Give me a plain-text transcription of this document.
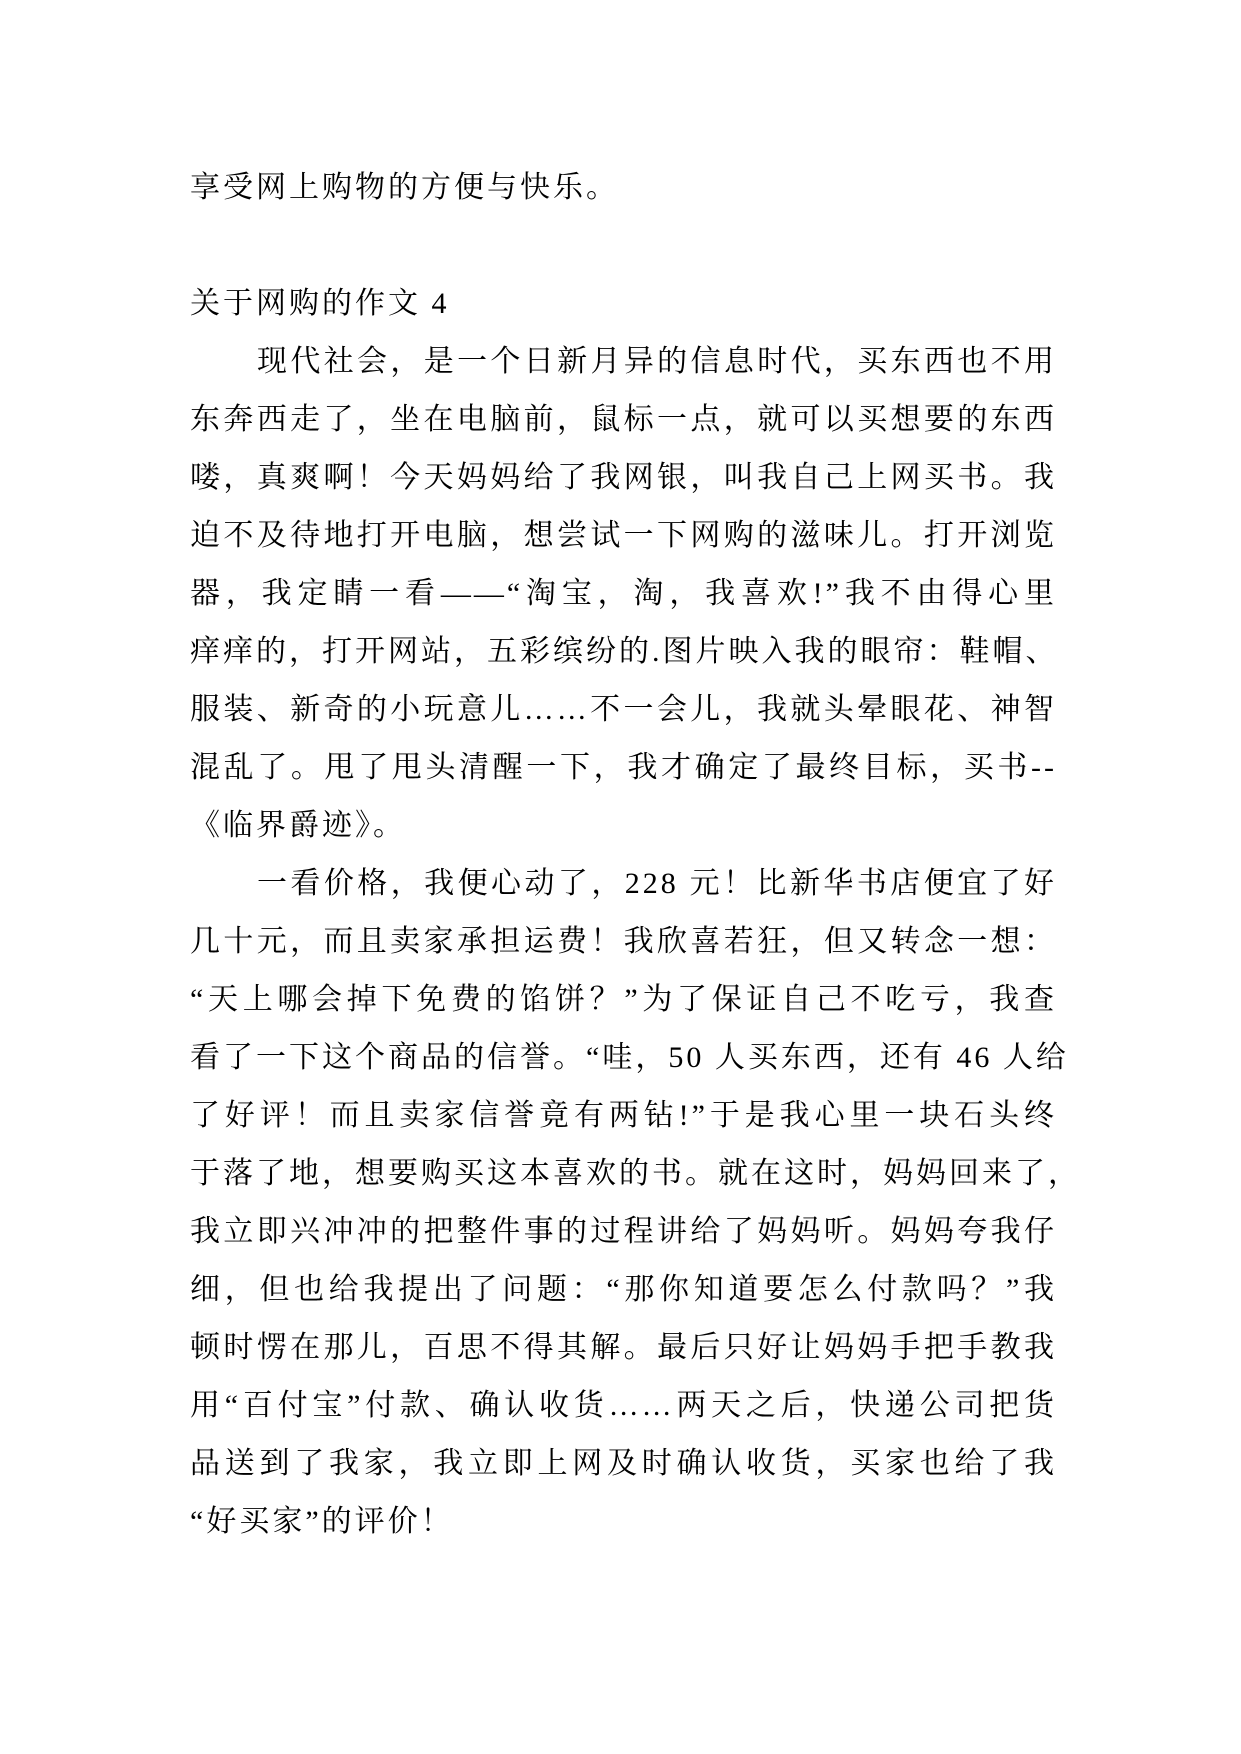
享受网上购物的方便与快乐。
关于网购的作文 4
现代社会，是一个日新月异的信息时代，买东西也不用
东奔西走了，坐在电脑前，鼠标一点，就可以买想要的东西
喽，真爽啊！今天妈妈给了我网银，叫我自己上网买书。我
迫不及待地打开电脑，想尝试一下网购的滋味儿。打开浏览
器，我定睛一看——“淘宝，淘，我喜欢!”我不由得心里
痒痒的，打开网站，五彩缤纷的.图片映入我的眼帘：鞋帽、
服装、新奇的小玩意儿……不一会儿，我就头晕眼花、神智
混乱了。甩了甩头清醒一下，我才确定了最终目标，买书--
《临界爵迹》。
一看价格，我便心动了，228 元！比新华书店便宜了好
几十元，而且卖家承担运费！我欣喜若狂，但又转念一想：
“天上哪会掉下免费的馅饼？”为了保证自己不吃亏，我查
看了一下这个商品的信誉。“哇，50 人买东西，还有 46 人给
了好评！而且卖家信誉竟有两钻!”于是我心里一块石头终
于落了地，想要购买这本喜欢的书。就在这时，妈妈回来了，
我立即兴冲冲的把整件事的过程讲给了妈妈听。妈妈夸我仔
细，但也给我提出了问题：“那你知道要怎么付款吗？”我
顿时愣在那儿，百思不得其解。最后只好让妈妈手把手教我
用“百付宝”付款、确认收货……两天之后，快递公司把货
品送到了我家，我立即上网及时确认收货，买家也给了我
“好买家”的评价！
